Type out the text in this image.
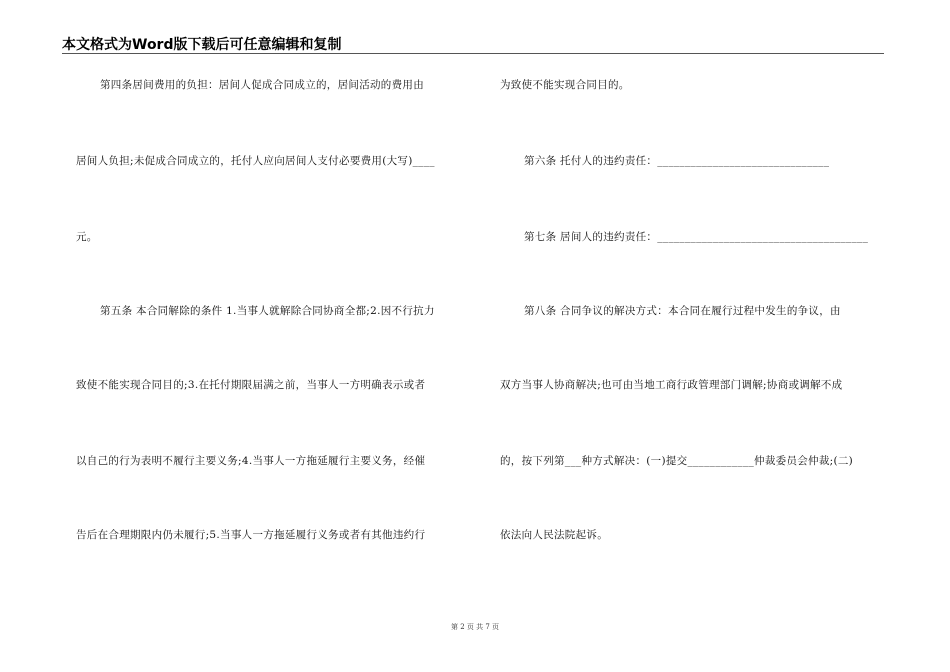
本文格式为Word版下载后可任意编辑和复制
第四条居间费用的负担：居间人促成合同成立的，居间活动的费用由
居间人负担;未促成合同成立的，托付人应向居间人支付必要费用(大写)____
元。
第五条 本合同解除的条件 1.当事人就解除合同协商全都;2.因不行抗力
致使不能实现合同目的;3.在托付期限届满之前，当事人一方明确表示或者
以自己的行为表明不履行主要义务;4.当事人一方拖延履行主要义务，经催
告后在合理期限内仍未履行;5.当事人一方拖延履行义务或者有其他违约行
为致使不能实现合同目的。
第六条 托付人的违约责任：_______________________________
第七条 居间人的违约责任：______________________________________
第八条 合同争议的解决方式：本合同在履行过程中发生的争议，由
双方当事人协商解决;也可由当地工商行政管理部门调解;协商或调解不成
的，按下列第___种方式解决：(一)提交____________仲裁委员会仲裁;(二)
依法向人民法院起诉。
第 2 页 共 7 页
